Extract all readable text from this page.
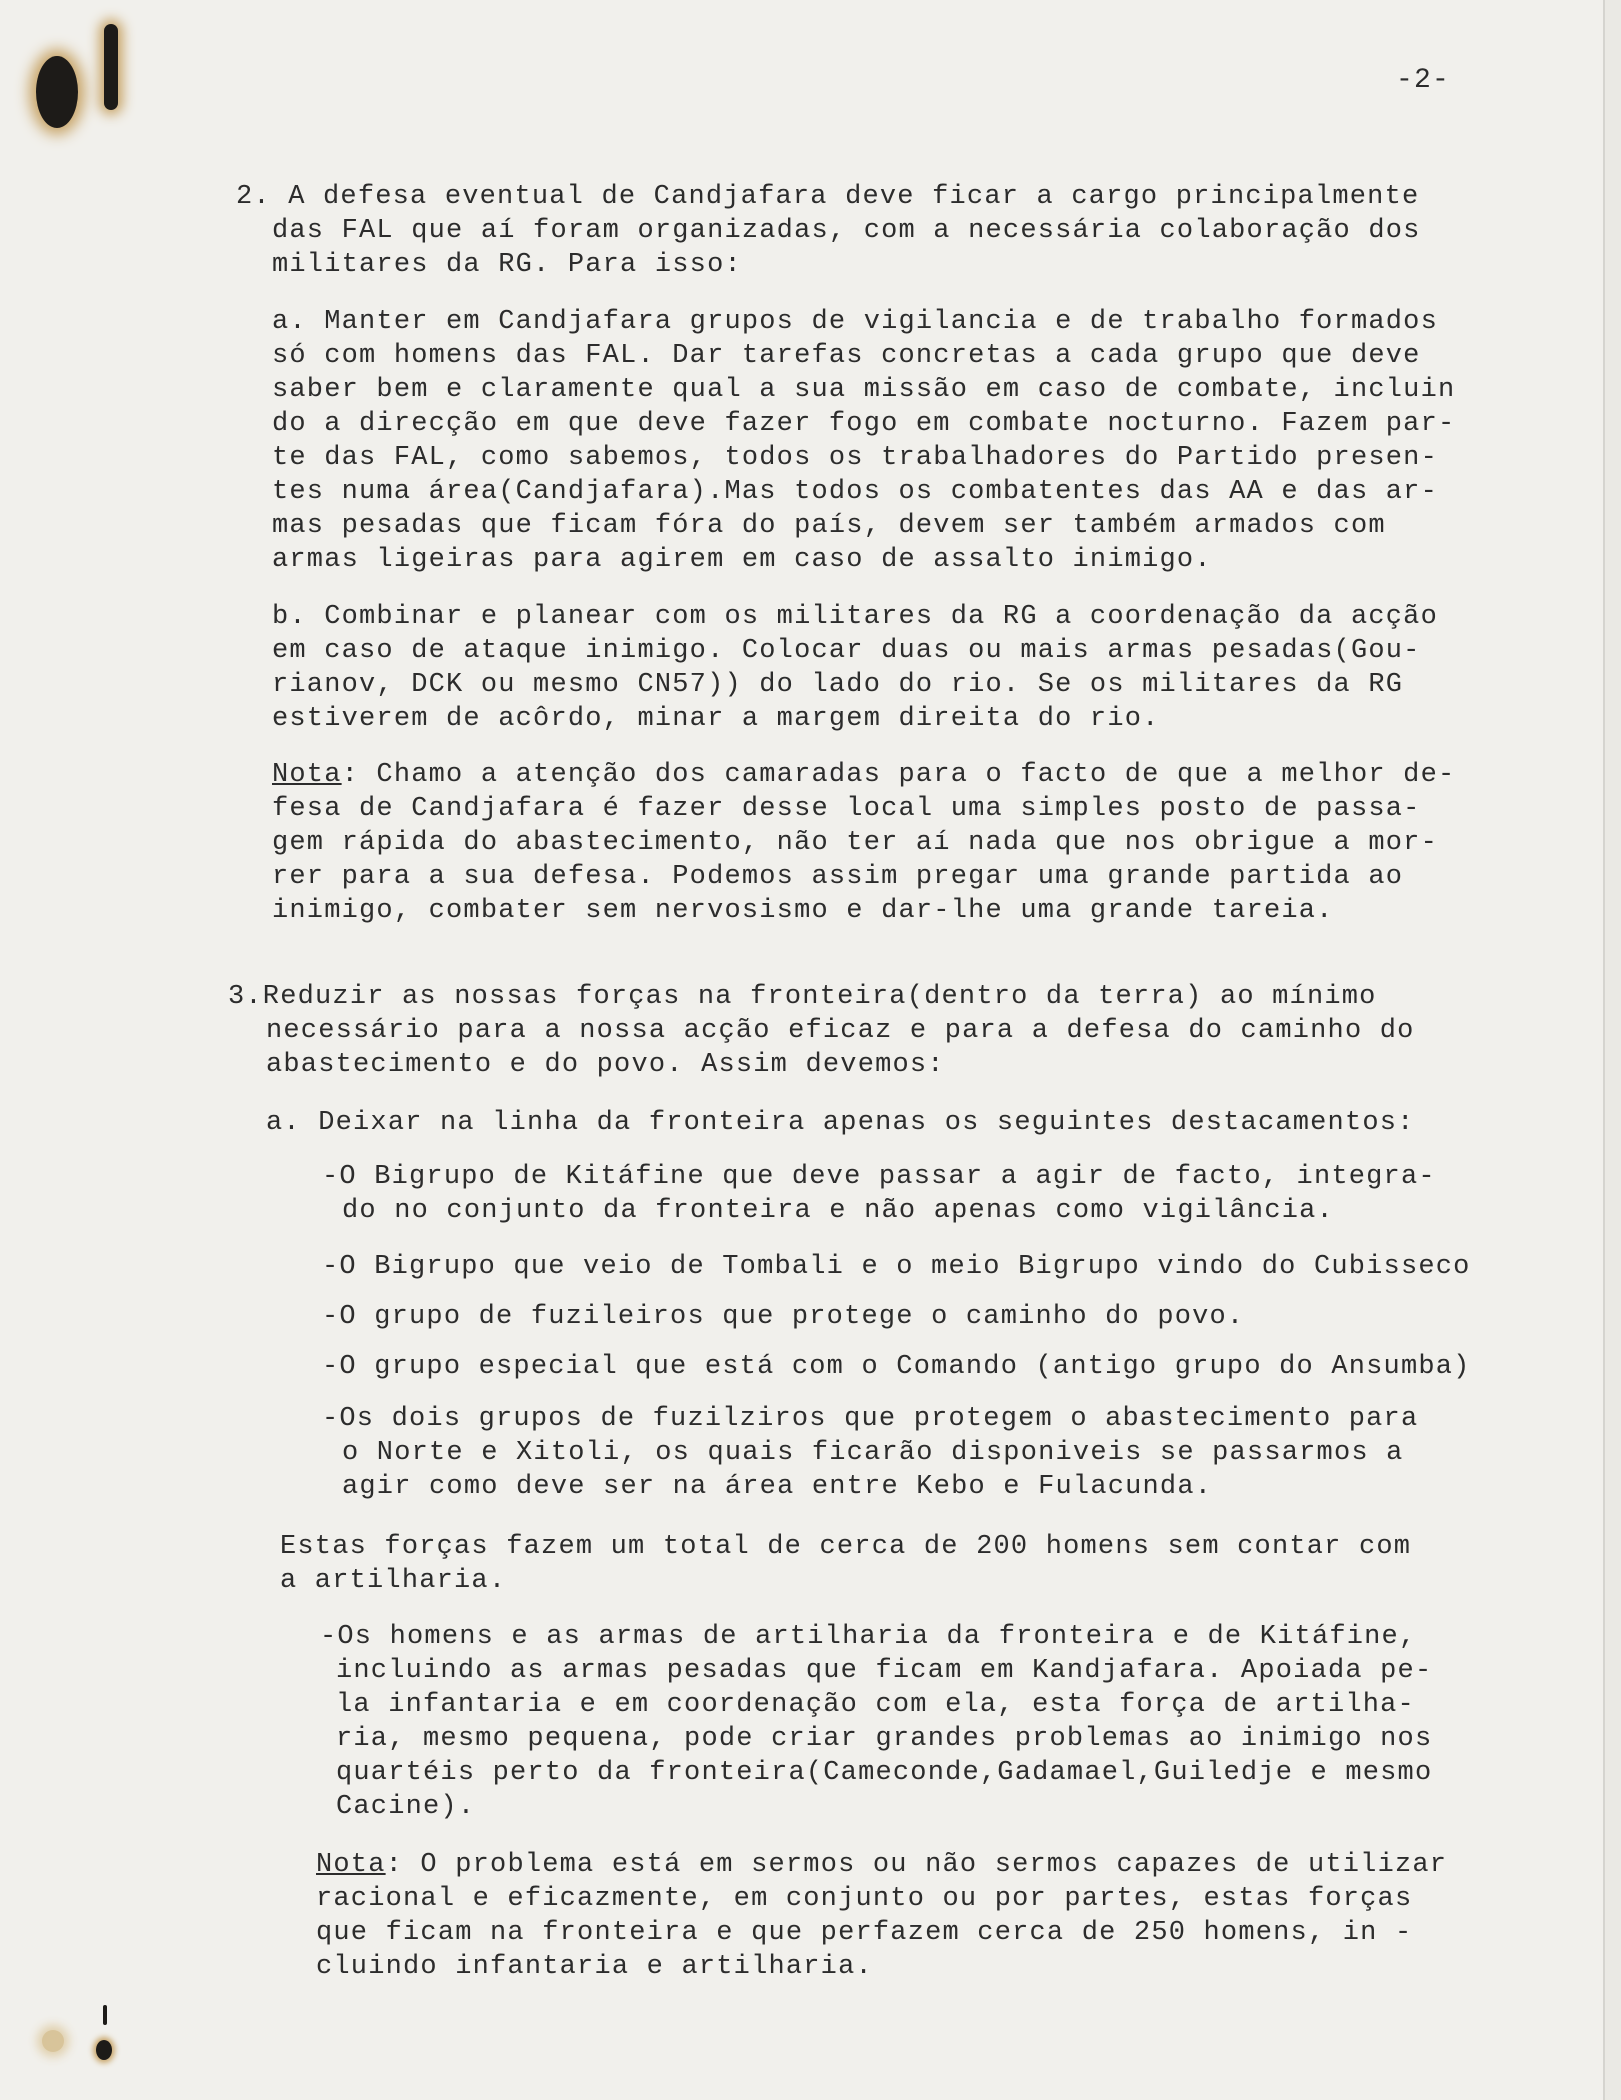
-2-
2. A defesa eventual de Candjafara deve ficar a cargo principalmente
das FAL que aí foram organizadas, com a necessária colaboração dos
militares da RG. Para isso:
a. Manter em Candjafara grupos de vigilancia e de trabalho formados
só com homens das FAL. Dar tarefas concretas a cada grupo que deve
saber bem e claramente qual a sua missão em caso de combate, incluin
do a direcção em que deve fazer fogo em combate nocturno. Fazem par-
te das FAL, como sabemos, todos os trabalhadores do Partido presen-
tes numa área(Candjafara).Mas todos os combatentes das AA e das ar-
mas pesadas que ficam fóra do país, devem ser também armados com
armas ligeiras para agirem em caso de assalto inimigo.
b. Combinar e planear com os militares da RG a coordenação da acção
em caso de ataque inimigo. Colocar duas ou mais armas pesadas(Gou-
rianov, DCK ou mesmo CN57)) do lado do rio. Se os militares da RG
estiverem de acôrdo, minar a margem direita do rio.
Nota: Chamo a atenção dos camaradas para o facto de que a melhor de-
fesa de Candjafara é fazer desse local uma simples posto de passa-
gem rápida do abastecimento, não ter aí nada que nos obrigue a mor-
rer para a sua defesa. Podemos assim pregar uma grande partida ao
inimigo, combater sem nervosismo e dar-lhe uma grande tareia.
3.Reduzir as nossas forças na fronteira(dentro da terra) ao mínimo
necessário para a nossa acção eficaz e para a defesa do caminho do
abastecimento e do povo. Assim devemos:
a. Deixar na linha da fronteira apenas os seguintes destacamentos:
-O Bigrupo de Kitáfine que deve passar a agir de facto, integra-
do no conjunto da fronteira e não apenas como vigilância.
-O Bigrupo que veio de Tombali e o meio Bigrupo vindo do Cubisseco
-O grupo de fuzileiros que protege o caminho do povo.
-O grupo especial que está com o Comando (antigo grupo do Ansumba)
-Os dois grupos de fuzilziros que protegem o abastecimento para
o Norte e Xitoli, os quais ficarão disponiveis se passarmos a
agir como deve ser na área entre Kebo e Fulacunda.
Estas forças fazem um total de cerca de 200 homens sem contar com
a artilharia.
-Os homens e as armas de artilharia da fronteira e de Kitáfine,
incluindo as armas pesadas que ficam em Kandjafara. Apoiada pe-
la infantaria e em coordenação com ela, esta força de artilha-
ria, mesmo pequena, pode criar grandes problemas ao inimigo nos
quartéis perto da fronteira(Cameconde,Gadamael,Guiledje e mesmo
Cacine).
Nota: O problema está em sermos ou não sermos capazes de utilizar
racional e eficazmente, em conjunto ou por partes, estas forças
que ficam na fronteira e que perfazem cerca de 250 homens, in -
cluindo infantaria e artilharia.
